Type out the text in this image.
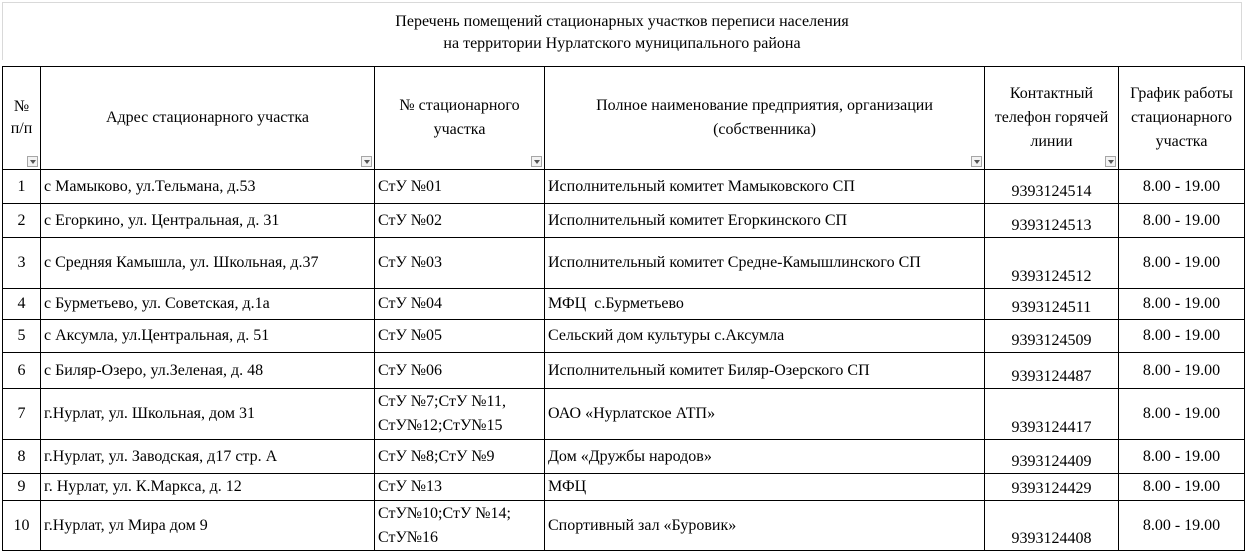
Перечень помещений стационарных участков переписи населения
на территории Нурлатского муниципального района
№ п/п	Адрес стационарного участка	№ стационарного участка	Полное наименование предприятия, организации (собственника)	Контактный телефон горячей линии	График работы стационарного участка
1	с Мамыково, ул.Тельмана, д.53	СтУ №01	Исполнительный комитет Мамыковского СП	9393124514	8.00 - 19.00
2	с Егоркино, ул. Центральная, д. 31	СтУ №02	Исполнительный комитет Егоркинского СП	9393124513	8.00 - 19.00
3	с Средняя Камышла, ул. Школьная, д.37	СтУ №03	Исполнительный комитет Средне-Камышлинского СП	9393124512	8.00 - 19.00
4	с Бурметьево, ул. Советская, д.1а	СтУ №04	МФЦ  с.Бурметьево	9393124511	8.00 - 19.00
5	с Аксумла, ул.Центральная, д. 51	СтУ №05	Сельский дом культуры с.Аксумла	9393124509	8.00 - 19.00
6	с Биляр-Озеро, ул.Зеленая, д. 48	СтУ №06	Исполнительный комитет Биляр-Озерского СП	9393124487	8.00 - 19.00
7	г.Нурлат, ул. Школьная, дом 31	СтУ №7;СтУ №11, СтУ№12;СтУ№15	ОАО «Нурлатское АТП»	9393124417	8.00 - 19.00
8	г.Нурлат, ул. Заводская, д17 стр. А	СтУ №8;СтУ №9	Дом «Дружбы народов»	9393124409	8.00 - 19.00
9	г. Нурлат, ул. К.Маркса, д. 12	СтУ №13	МФЦ	9393124429	8.00 - 19.00
10	г.Нурлат, ул Мира дом 9	СтУ№10;СтУ №14; СтУ№16	Спортивный зал «Буровик»	9393124408	8.00 - 19.00
